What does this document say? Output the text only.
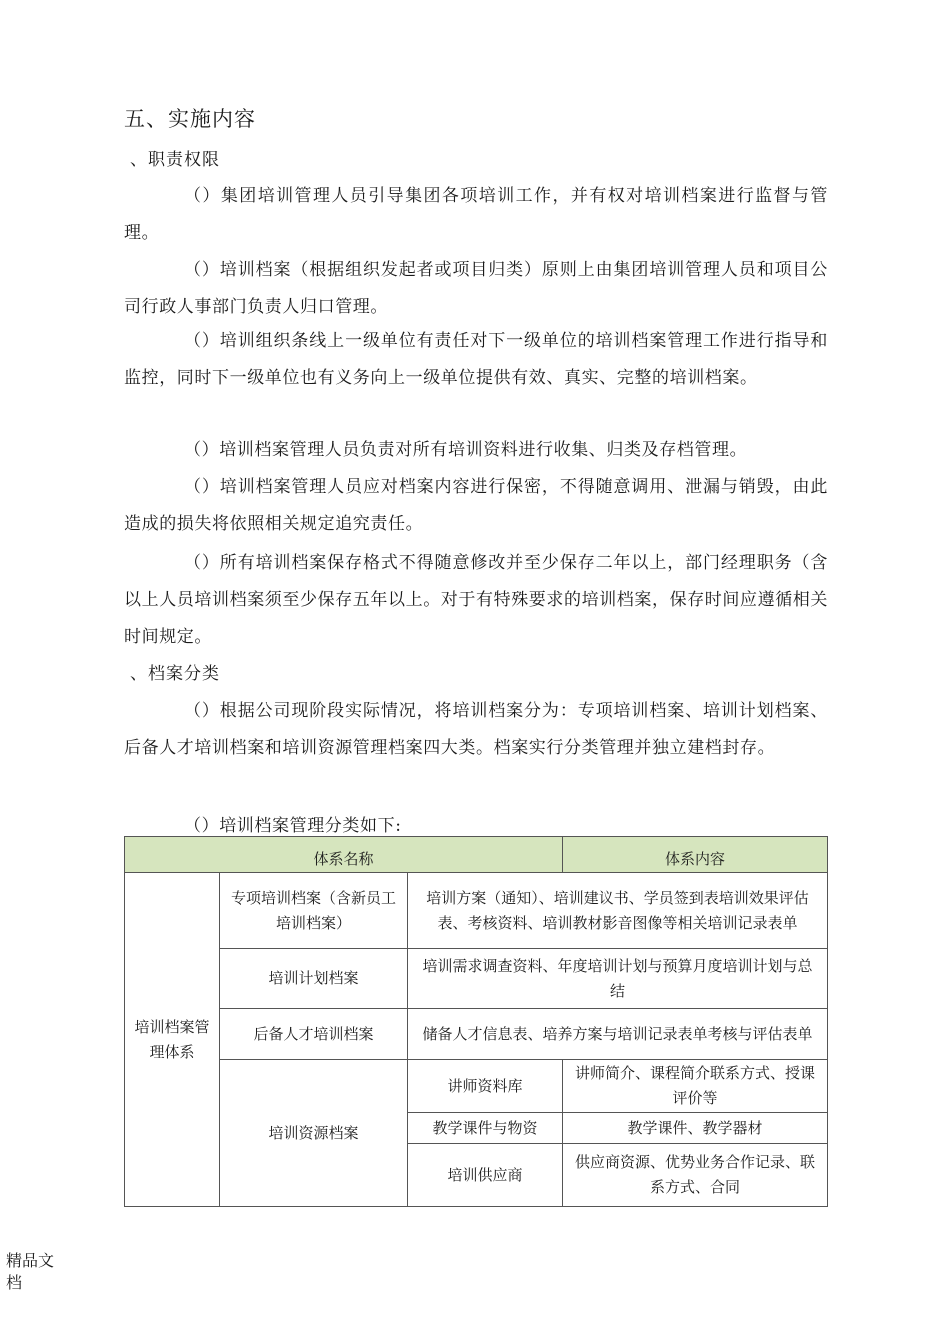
五、实施内容
、职责权限
（）集团培训管理人员引导集团各项培训工作，并有权对培训档案进行监督与管理。
（）培训档案（根据组织发起者或项目归类）原则上由集团培训管理人员和项目公司行政人事部门负责人归口管理。
（）培训组织条线上一级单位有责任对下一级单位的培训档案管理工作进行指导和监控，同时下一级单位也有义务向上一级单位提供有效、真实、完整的培训档案。
（）培训档案管理人员负责对所有培训资料进行收集、归类及存档管理。
（）培训档案管理人员应对档案内容进行保密，不得随意调用、泄漏与销毁，由此造成的损失将依照相关规定追究责任。
（）所有培训档案保存格式不得随意修改并至少保存二年以上，部门经理职务（含以上人员培训档案须至少保存五年以上。对于有特殊要求的培训档案，保存时间应遵循相关时间规定。
、档案分类
（）根据公司现阶段实际情况，将培训档案分为：专项培训档案、培训计划档案、后备人才培训档案和培训资源管理档案四大类。档案实行分类管理并独立建档封存。
（）培训档案管理分类如下:
体系名称			体系内容
培训档案管理体系	专项培训档案（含新员工培训档案）	培训方案（通知）、培训建议书、学员签到表培训效果评估表、考核资料、培训教材影音图像等相关培训记录表单	
	培训计划档案	培训需求调查资料、年度培训计划与预算月度培训计划与总结	
	后备人才培训档案	储备人才信息表、培养方案与培训记录表单考核与评估表单	
	培训资源档案	讲师资料库	讲师简介、课程简介联系方式、授课评价等
		教学课件与物资	教学课件、教学器材
		培训供应商	供应商资源、优势业务合作记录、联系方式、合同
精品文档
